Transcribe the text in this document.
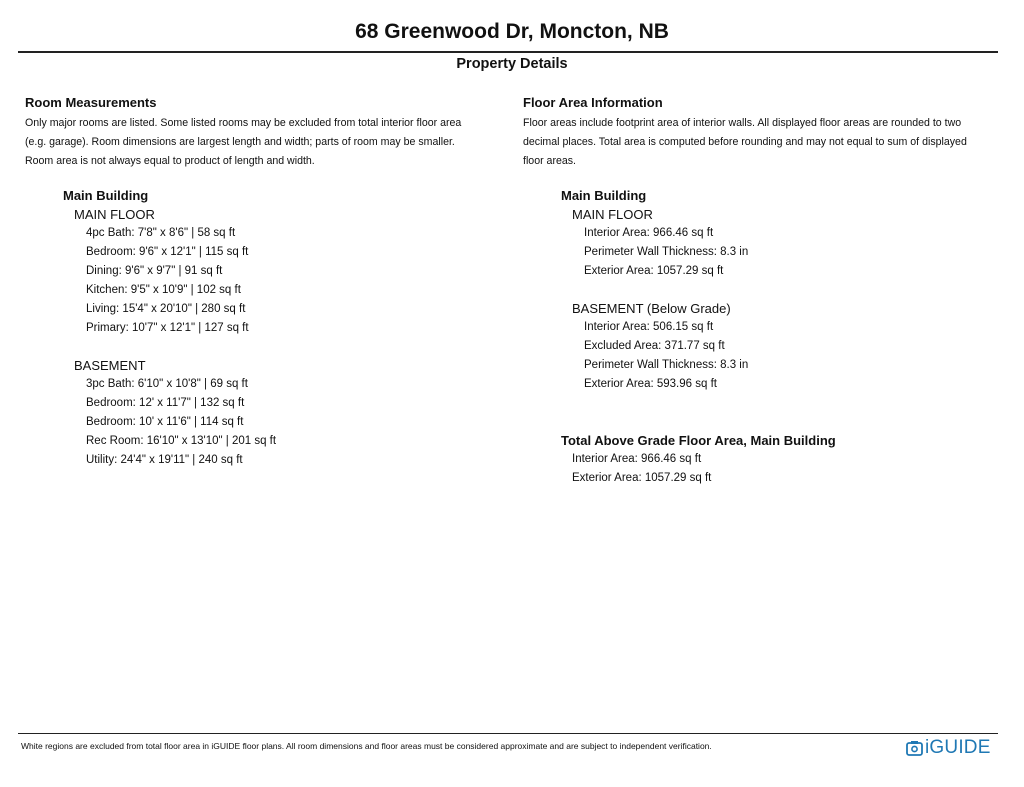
68 Greenwood Dr, Moncton, NB
Property Details
Room Measurements
Only major rooms are listed. Some listed rooms may be excluded from total interior floor area
(e.g. garage). Room dimensions are largest length and width; parts of room may be smaller.
Room area is not always equal to product of length and width.
Main Building
MAIN FLOOR
4pc Bath: 7'8" x 8'6" | 58 sq ft
Bedroom: 9'6" x 12'1" | 115 sq ft
Dining: 9'6" x 9'7" | 91 sq ft
Kitchen: 9'5" x 10'9" | 102 sq ft
Living: 15'4" x 20'10" | 280 sq ft
Primary: 10'7" x 12'1" | 127 sq ft
BASEMENT
3pc Bath: 6'10" x 10'8" | 69 sq ft
Bedroom: 12' x 11'7" | 132 sq ft
Bedroom: 10' x 11'6" | 114 sq ft
Rec Room: 16'10" x 13'10" | 201 sq ft
Utility: 24'4" x 19'11" | 240 sq ft
Floor Area Information
Floor areas include footprint area of interior walls. All displayed floor areas are rounded to two
decimal places. Total area is computed before rounding and may not equal to sum of displayed
floor areas.
Main Building
MAIN FLOOR
Interior Area: 966.46 sq ft
Perimeter Wall Thickness: 8.3 in
Exterior Area: 1057.29 sq ft
BASEMENT (Below Grade)
Interior Area: 506.15 sq ft
Excluded Area: 371.77 sq ft
Perimeter Wall Thickness: 8.3 in
Exterior Area: 593.96 sq ft
Total Above Grade Floor Area, Main Building
Interior Area: 966.46 sq ft
Exterior Area: 1057.29 sq ft
White regions are excluded from total floor area in iGUIDE floor plans. All room dimensions and floor areas must be considered approximate and are subject to independent verification.	iGUIDE
